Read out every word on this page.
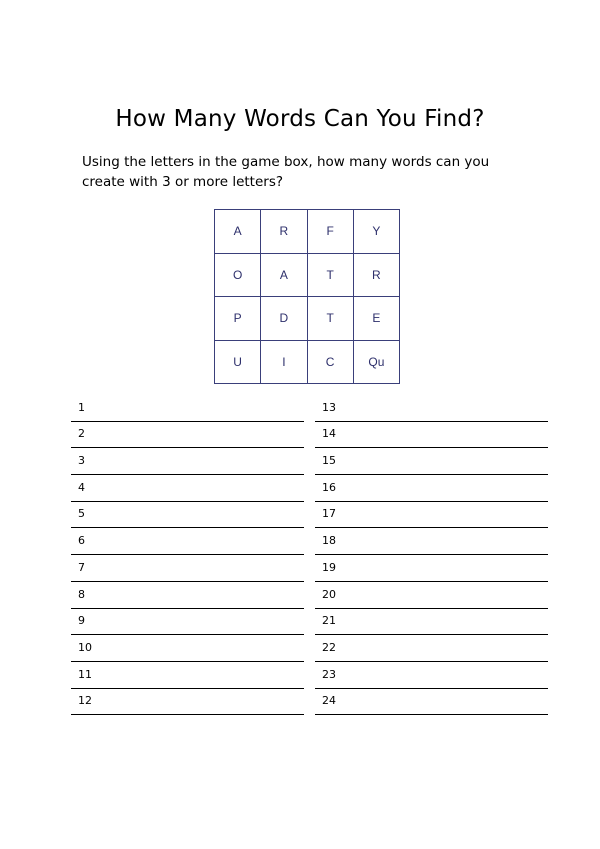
How Many Words Can You Find?
Using the letters in the game box, how many words can you create with 3 or more letters?
A	R	F	Y
O	A	T	R
P	D	T	E
U	I	C	Qu
1
2
3
4
5
6
7
8
9
10
11
12
13
14
15
16
17
18
19
20
21
22
23
24
